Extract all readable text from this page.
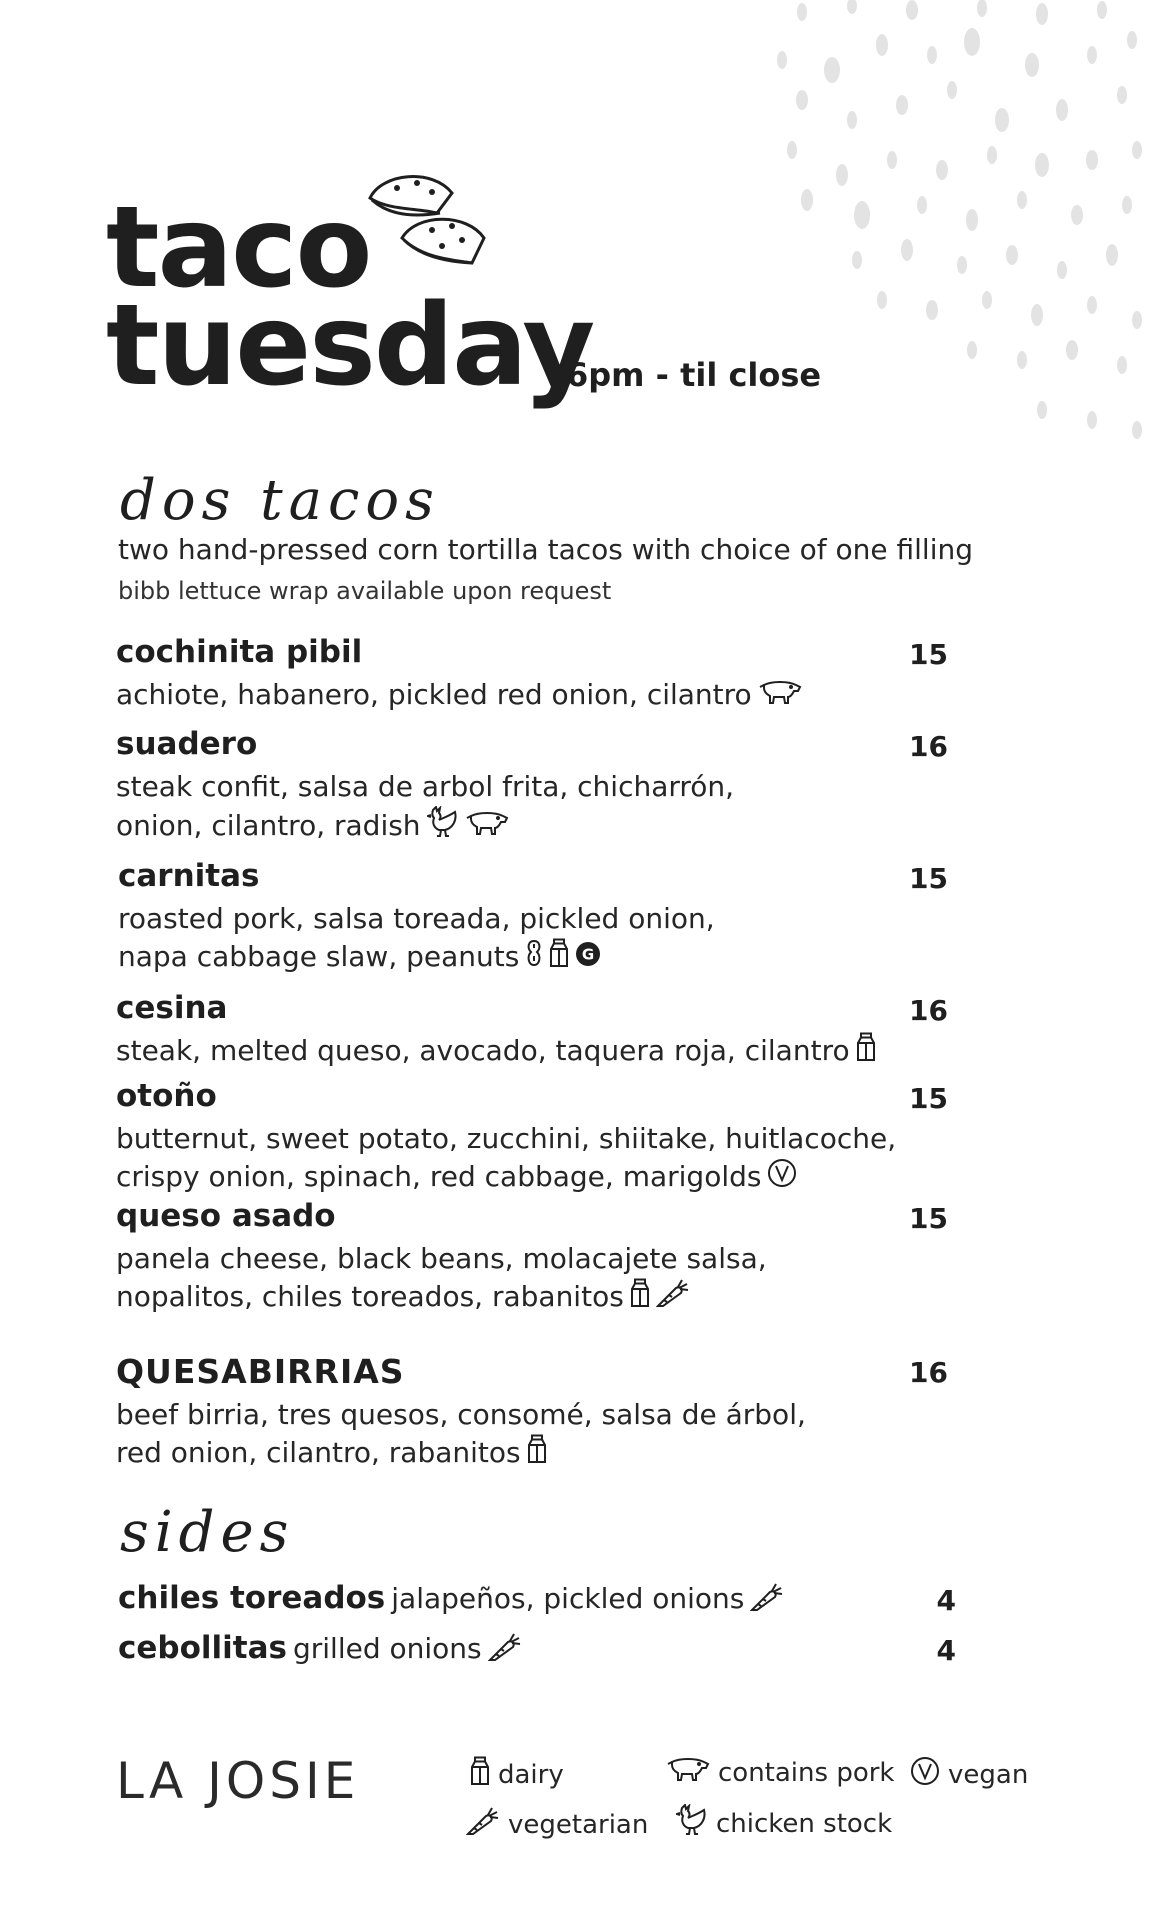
taco
tuesday
6pm - til close
dos tacos
two hand-pressed corn tortilla tacos with choice of one filling
bibb lettuce wrap available upon request
cochinita pibil	15
achiote, habanero, pickled red onion, cilantro
suadero	16
steak confit, salsa de arbol frita, chicharrón,
onion, cilantro, radish
carnitas	15
roasted pork, salsa toreada, pickled onion,
napa cabbage slaw, peanuts	G
cesina	16
steak, melted queso, avocado, taquera roja, cilantro
otoño	15
butternut, sweet potato, zucchini, shiitake, huitlacoche,
crispy onion, spinach, red cabbage, marigolds
queso asado	15
panela cheese, black beans, molacajete salsa,
nopalitos, chiles toreados, rabanitos
QUESABIRRIAS	16
beef birria, tres quesos, consomé, salsa de árbol,
red onion, cilantro, rabanitos
sides
chiles toreados jalapeños, pickled onions	4
cebollitas grilled onions	4
LA JOSIE	dairy
vegetarian
contains pork
chicken stock
vegan
